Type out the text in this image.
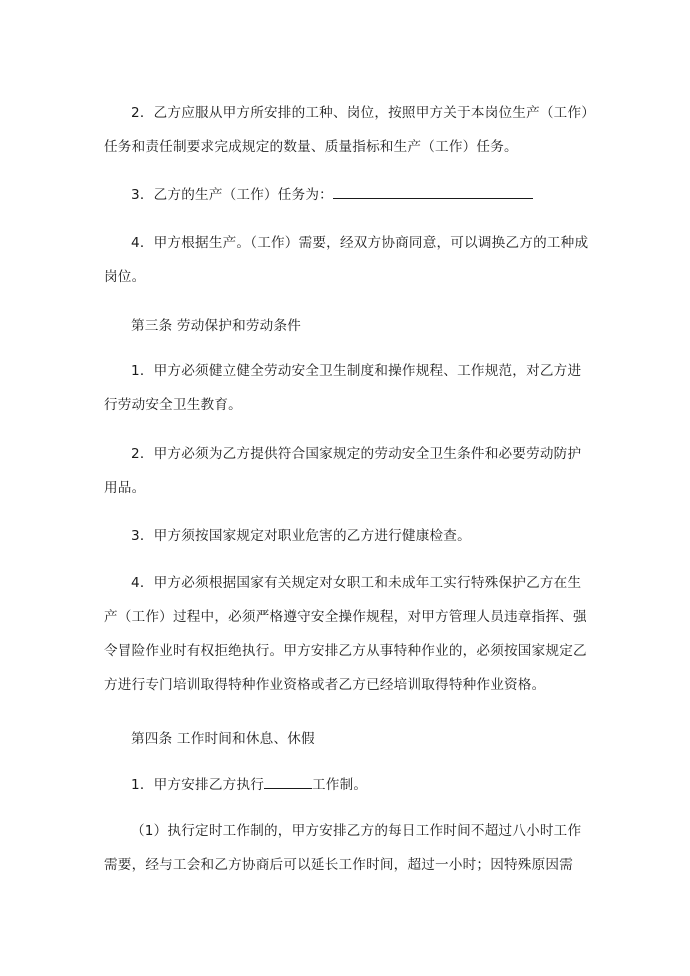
2．乙方应服从甲方所安排的工种、岗位，按照甲方关于本岗位生产（工作）任务和责任制要求完成规定的数量、质量指标和生产（工作）任务。

3．乙方的生产（工作）任务为：

4．甲方根据生产。（工作）需要，经双方协商同意，可以调换乙方的工种成岗位。

第三条 劳动保护和劳动条件

1．甲方必须健立健全劳动安全卫生制度和操作规程、工作规范，对乙方进行劳动安全卫生教育。

2．甲方必须为乙方提供符合国家规定的劳动安全卫生条件和必要劳动防护用品。

3．甲方须按国家规定对职业危害的乙方进行健康检查。

4．甲方必须根据国家有关规定对女职工和未成年工实行特殊保护乙方在生产（工作）过程中，必须严格遵守安全操作规程，对甲方管理人员违章指挥、强令冒险作业时有权拒绝执行。甲方安排乙方从事特种作业的，必须按国家规定乙方进行专门培训取得特种作业资格或者乙方已经培训取得特种作业资格。

第四条 工作时间和休息、休假

1．甲方安排乙方执行	工作制。

（1）执行定时工作制的，甲方安排乙方的每日工作时间不超过八小时工作需要，经与工会和乙方协商后可以延长工作时间，超过一小时；因特殊原因需
